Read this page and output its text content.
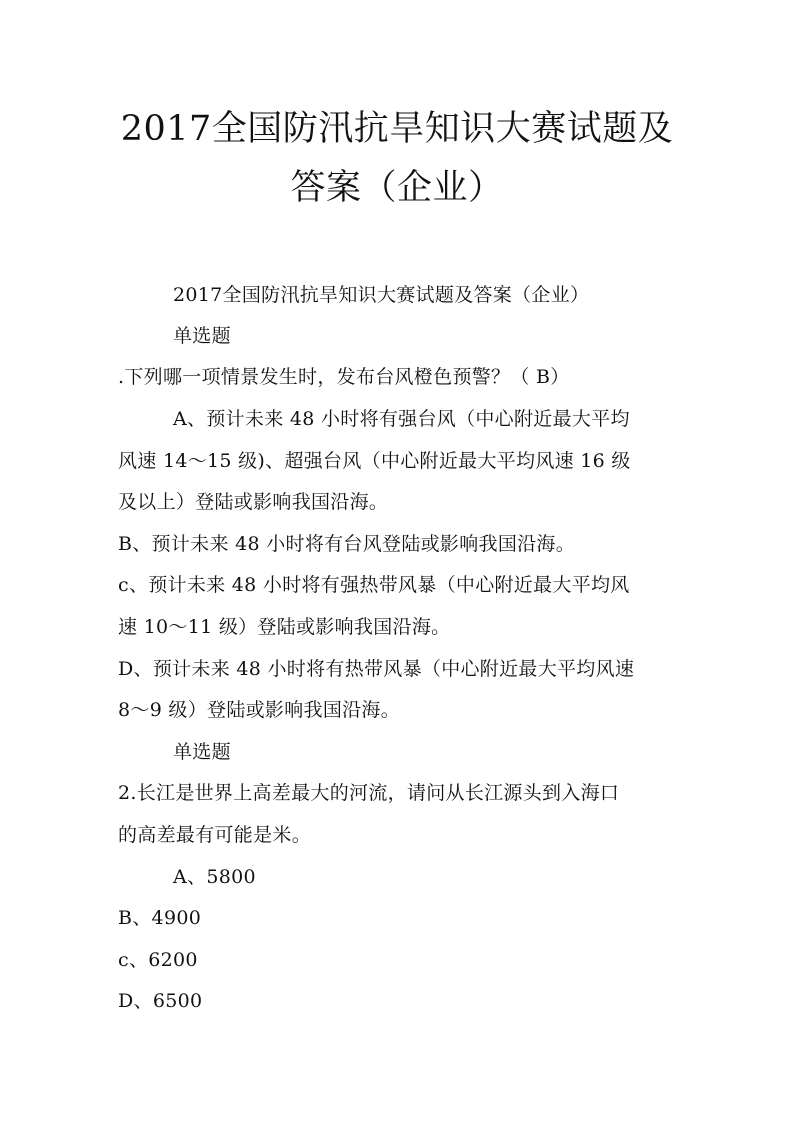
2017全国防汛抗旱知识大赛试题及
答案（企业）
2017全国防汛抗旱知识大赛试题及答案（企业）
单选题
.下列哪一项情景发生时，发布台风橙色预警？（ B）
A、预计未来 48 小时将有强台风（中心附近最大平均
风速 14～15 级)、超强台风（中心附近最大平均风速 16 级
及以上）登陆或影响我国沿海。
B、预计未来 48 小时将有台风登陆或影响我国沿海。
c、预计未来 48 小时将有强热带风暴（中心附近最大平均风
速 10～11 级）登陆或影响我国沿海。
D、预计未来 48 小时将有热带风暴（中心附近最大平均风速
8～9 级）登陆或影响我国沿海。
单选题
2.长江是世界上高差最大的河流，请问从长江源头到入海口
的高差最有可能是米。
A、5800
B、4900
c、6200
D、6500
